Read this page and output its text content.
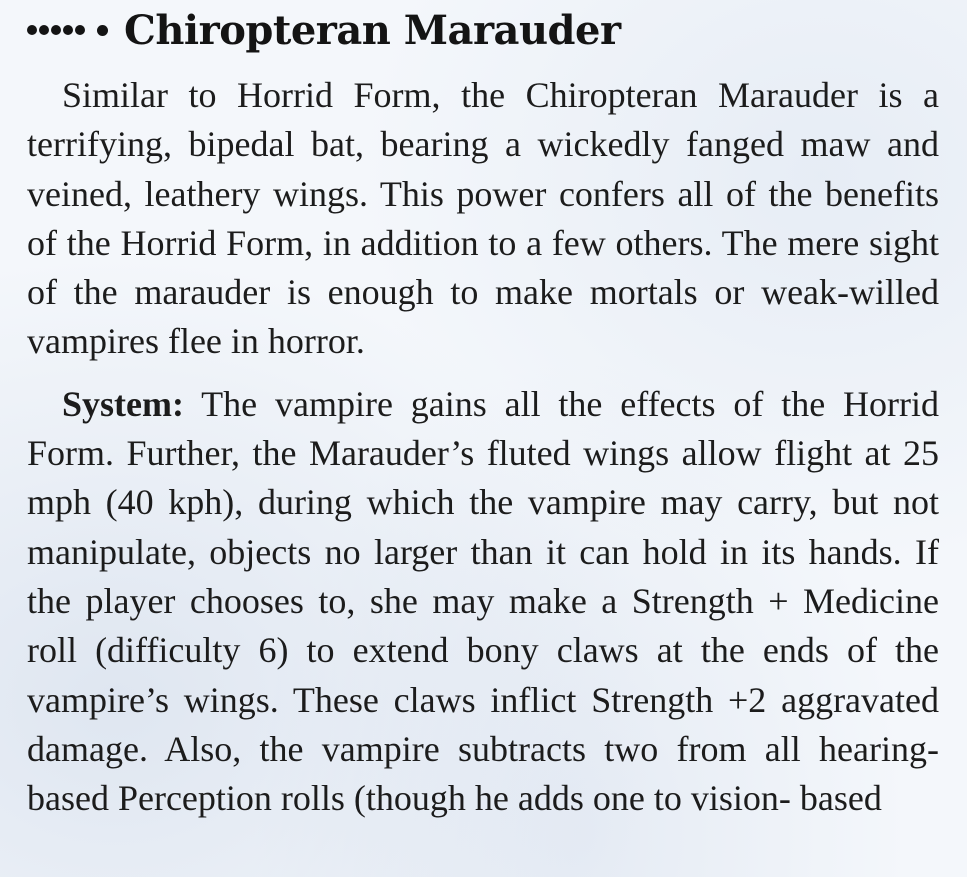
Chiropteran Marauder

Similar to Horrid Form, the Chiropteran Marauder is a terrifying, bipedal bat, bearing a wickedly fanged maw and veined, leathery wings. This power confers all of the benefits of the Horrid Form, in addition to a few others. The mere sight of the marauder is enough to make mortals or weak-willed vampires flee in horror.

System: The vampire gains all the effects of the Horrid Form. Further, the Marauder’s fluted wings allow flight at 25 mph (40 kph), during which the vampire may carry, but not manipulate, objects no larger than it can hold in its hands. If the player chooses to, she may make a Strength + Medicine roll (difficulty 6) to extend bony claws at the ends of the vampire’s wings. These claws inflict Strength +2 aggravated damage. Also, the vampire subtracts two from all hearing-based Perception rolls (though he adds one to vision- based
